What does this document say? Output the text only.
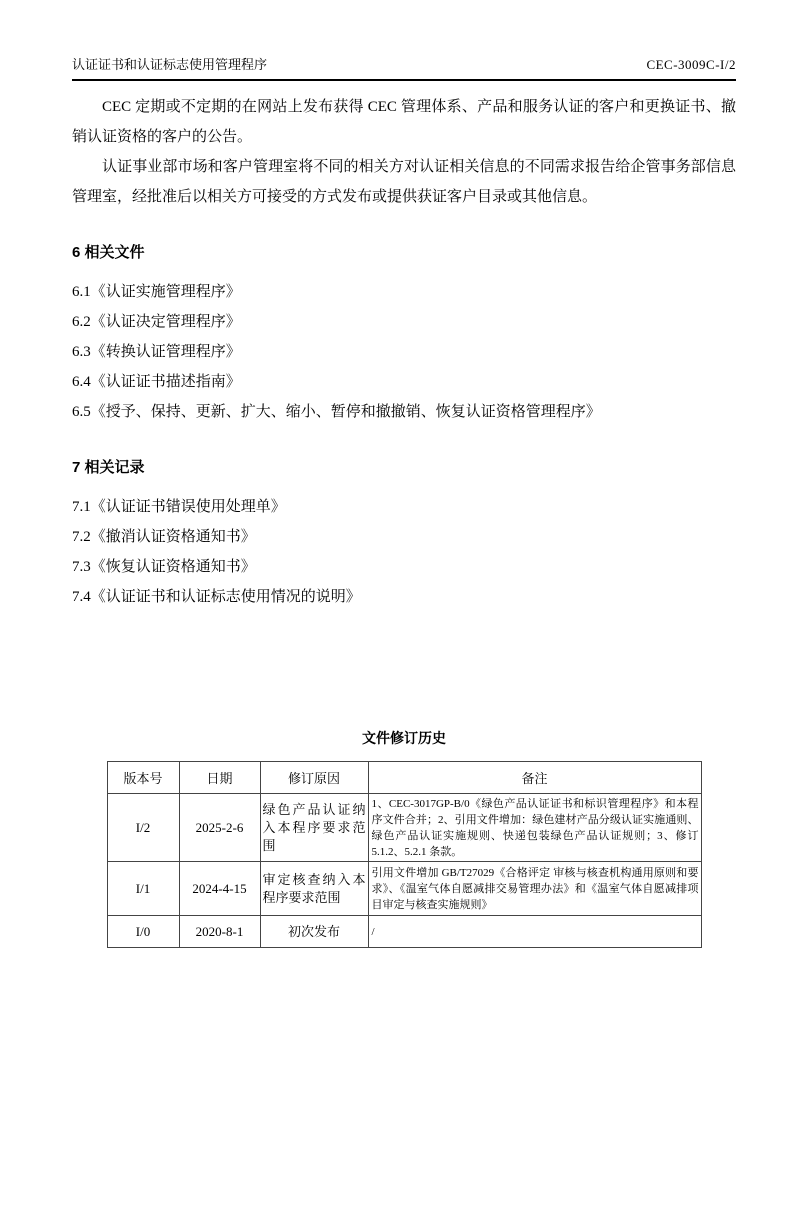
认证证书和认证标志使用管理程序	CEC-3009C-I/2

CEC 定期或不定期的在网站上发布获得 CEC 管理体系、产品和服务认证的客户和更换证书、撤销认证资格的客户的公告。

认证事业部市场和客户管理室将不同的相关方对认证相关信息的不同需求报告给企管事务部信息管理室，经批准后以相关方可接受的方式发布或提供获证客户目录或其他信息。

6 相关文件
6.1《认证实施管理程序》
6.2《认证决定管理程序》
6.3《转换认证管理程序》
6.4《认证证书描述指南》
6.5《授予、保持、更新、扩大、缩小、暂停和撤撤销、恢复认证资格管理程序》
7 相关记录
7.1《认证证书错误使用处理单》
7.2《撤消认证资格通知书》
7.3《恢复认证资格通知书》
7.4《认证证书和认证标志使用情况的说明》
文件修订历史
版本号	日期	修订原因	备注
I/2	2025-2-6	绿色产品认证纳入本程序要求范围	1、CEC-3017GP-B/0《绿色产品认证证书和标识管理程序》和本程序文件合并；2、引用文件增加：绿色建材产品分级认证实施通则、绿色产品认证实施规则、快递包装绿色产品认证规则；3、修订 5.1.2、5.2.1 条款。
I/1	2024-4-15	审定核查纳入本程序要求范围	引用文件增加 GB/T27029《合格评定 审核与核查机构通用原则和要求》、《温室气体自愿减排交易管理办法》和《温室气体自愿减排项目审定与核查实施规则》
I/0	2020-8-1	初次发布	/
